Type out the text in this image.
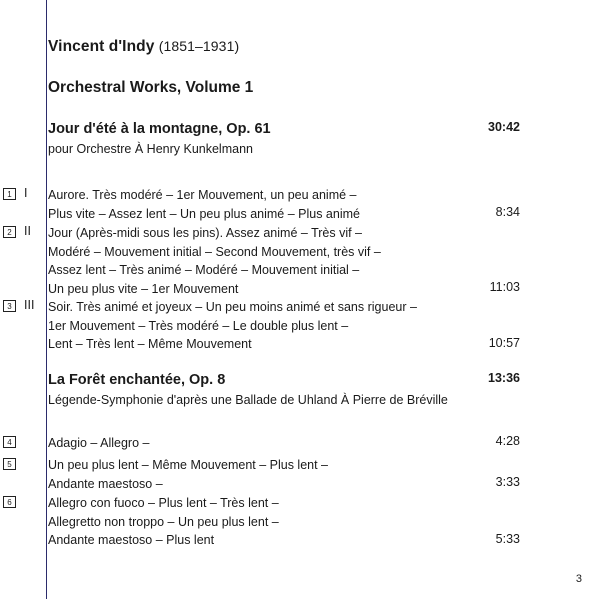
Vincent d'Indy (1851–1931)
Orchestral Works, Volume 1
Jour d'été à la montagne, Op. 61	30:42
pour Orchestre À Henry Kunkelmann
1 I	Aurore. Très modéré – 1er Mouvement, un peu animé –
Plus vite – Assez lent – Un peu plus animé – Plus animé	8:34
2 II	Jour (Après-midi sous les pins). Assez animé – Très vif –
Modéré – Mouvement initial – Second Mouvement, très vif –
Assez lent – Très animé – Modéré – Mouvement initial –
Un peu plus vite – 1er Mouvement	11:03
3 III	Soir. Très animé et joyeux – Un peu moins animé et sans rigueur –
1er Mouvement – Très modéré – Le double plus lent –
Lent – Très lent – Même Mouvement	10:57
La Forêt enchantée, Op. 8	13:36
Légende-Symphonie d'après une Ballade de Uhland À Pierre de Bréville
4	Adagio – Allegro –	4:28
5	Un peu plus lent – Même Mouvement – Plus lent –
Andante maestoso –	3:33
6	Allegro con fuoco – Plus lent – Très lent –
Allegretto non troppo – Un peu plus lent –
Andante maestoso – Plus lent	5:33
3
